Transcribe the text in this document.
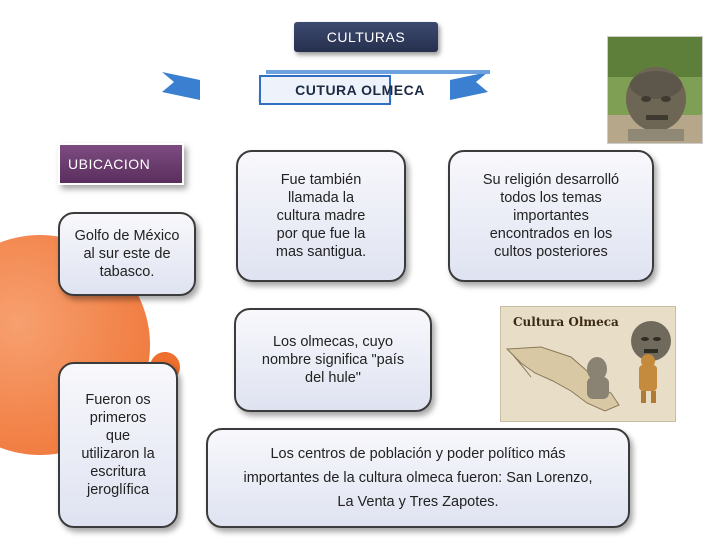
CULTURAS
CUTURA OLMECA
UBICACION
Golfo de México
al sur este de
tabasco.
Fue también
llamada la
cultura madre
por que fue la
mas santigua.
Su religión desarrolló
todos los temas
importantes
encontrados en los
cultos posteriores
Los olmecas, cuyo
nombre significa "país
del hule"
Fueron os
primeros
que
utilizaron la
escritura
jeroglífica
Los centros de población y poder político más
importantes de la cultura olmeca fueron: San Lorenzo,
La Venta y Tres Zapotes.
Cultura Olmeca
